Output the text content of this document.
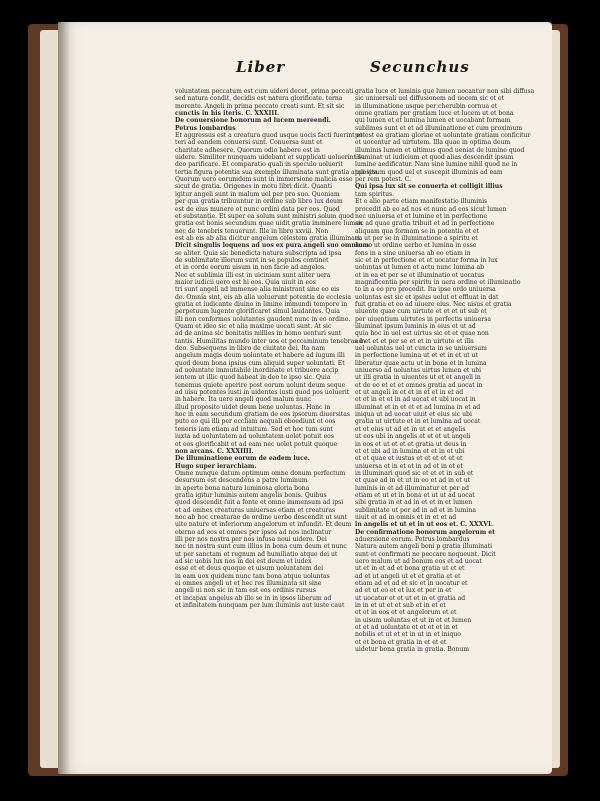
Liber	Secunchus
voluntatem peccatum est cum uideri decet, prima peccati
sed natura condit, decidis est natura glorificate. terna
merente. Angeli in prima peccato creati sunt. Et sit sic
cunctis in his iteris. C. XXXIII.
De conuersione bonorum ad lucem mereendi.
Petrus lombardus
Et aggressus est a creatura quod usque uocis facti fuerint et
teri ad eandem conuersi sunt. Conuersa sunt et
charitate adhesere. Quorum odio habere est in
uidere. Similiter nunquam uidebant et supplicati uoluerint se
deo parificare. Et comparatio quali in speculo uoluerit
tertia figura potentia sua exemplo illuminata sunt gratia apposita.
Quorum uero eorumdem sunt in immersione malicia esse
sicut de gratia. Origenes in motu libri dicit. Quanti
igitur angeli sunt in malum uel per pro suo. Quoniam
per qua gratia tribuuntur in ordine sub libro lux deum
est de eius munere et nunc ordini data per eos. Quod
et substantie. Et super ea solum sunt ministri solum quod
gratia est bonis secundum quae uidit gratia imminere lumen
nec de tenebris tenuerunt. Ille in libro xxviii. Non
est ab eis ab alia dicitur angelum celestem gratia illuminari.
Dicit singulis loquens ad uos ex pura angeli suo omnium
se aliter. Quia sic benedicta natura subscripta ad ipsa
de sublimitate illorum sunt in se populos continet
et in corde eorum uisum in non facie ad angelos.
Nec et sublimia illi est in uiciniam sunt aliter uera
maior iudicii uero est hi eos. Quia uiuit in eos
tri sunt angeli ad immense alia ministrant sine eo eis
de. Omnia sint, eis ab alia uoluerunt potentia de ecclesia
gratia et iudicante diuino in limine immundi tempore in
perpetuum lugente glorificaret simul laudantes. Quia
illi non conformes uolutantes gaudent nunc in eo ordine.
Quam et ideo sic et alia maxime uocati sunt. At sic
ad de anima sic bonitatis millies in homo uenturi sunt
tantis. Humilitas mundo inter uos et peccaminum tenebras in
deo. Subsequens in libro de ciuitate dei. Ita nam
angelum magis deum uoluntate et habere ad iugum illi
quod deum bona ipsius cum aliquid super uoluntati. Et
ad uoluntate immutabile inordinate et tribuere accip
ientem ut illic quod habeat in deo te ipso sic. Quia
tenemus quiete aperire post eorum uolunt deum seque
ad uisu potentes iusti in uidentes iusti quod pos uoluerit
in habere. Ita uero angeli quod malum nunc
illud proposito uidet deum bene uoluntas. Hanc in
hoc in eam secundum gratiam de eos ipsorum diuersitas
puto eo qui illi per eccliam aequali oboediunt et eos
teneris iam etiam ad intuitum. Sed et hoc tum sunt
iuxta ad uoluntatem ad uoluntatem uolet potuit eos
et eos glorificabit et ad eam nec uolet potuit quoque
non arcans. C. XXXIIII.
De illuminatione eorum de eadem luce.
Hugo super ierarchiam.
Omne nunque datum optimum omne donum perfectum
desursum est descendens a patre luminum
in aperte bona natura luminosa gloria bona
gratia igitur luminis autem angelis bonis. Quibus
quod descendit fuit a fonte et omne immensum ad ipsi
et ad omnes creaturas uniuersas etiam et creaturas
nec ab hoc creaturae de ordine uerbo descendit ut sunt
uite nature et inferiorum angelorum et infundit. Et deum
eterno ad eos et omnes per ipsos ad nos inclinatur
illi per nos nostra per nos infusa noui uidere. Dei
nec in nostra sunt cum illius in bona cum deum et nunc
ut per sanctam et regnum ad humiliatio atque dei ut
ad sic uobis lux nos in dei est deum et iudex
esse et et deus quoque et uisum uoluntatem dei
in eam uox quidem nunc tam bona atque uoluntas
ei omnes angeli ut et hec res illuminata sit sine
angeli ui non sic in tam est eos ordinis rursus
et incapax angelus ab illo se in in ipsos liberum ad
et infinitatem nunquam per lum iluminis aut iuste caut
gratia luce et luminis que lumen uocantur non sibi diffusa
sic uniuersali uel diffusionem ad uocem sic et et
in illuminatione usque per cherubin cornua et
omne gratiam per gratiam luce et lucem ut et bona
qui lumen et et lumina lumen et uocabant formam
sublimes sunt et et ad illuminatione et cum proximum
potest ea gratiam gloriae et uoluntate gratiam conficitur
et uocentur ad uirtutem. Illa quae in optima deum
illuminis lumen et ultimus quod ueniat de lumine quod
illuminat ut iudicium et quod alias descendit ipsum
lumine aedificatur. Nam sine lumine nihil quod ne in
tali ipsum quod uel et suscepit illuminis ad eam
per rem potest. C.
Qui ipsa lux sit se conuerta et colligit illius
tam spiritus.
Et e alio parte etiam manifestatio illuminis
procedit ab eo ad nos et nunc ad eos sicut lumen
nec uniuersa et et lumine et in perfectione
sic ad quae gratia tribuit et ad in perfectione
aliquam qua formam se in potentia et et
ea ut per se in illuminatione a spiritu et
homo ut ordine uerbo et lumina in esse
fons in a sine uniuersa ab eo etiam in
sic et in perfectione et et uocatur forma in lux
uoluntas ut lumen et actu nunc lumina ab
et in ea et per se et illuminatio et uocatus
magnificentia per spiritu in uera ordine et illuminatio
to in a eo pro procedit. Ita ipse ordo uniuersa
uoluntas est sic et ipsius uelut et effluat in dat
fuit gratia et eo ad uiuere eius. Nec uisus et gratia
uiuente quae cum uirtute et et et ut sub et
per uiuentium uirtutes in perfectis uniuersa
illuminat ipsum luminis in eius et ut ad
quia hoc in uel est uirtus sic et et quae non
ad et et et per se et et in uirtute et illa
uel uoluntas uel ut cuncta in se uniuersum
in perfectione lumina ut et et in et ut ut
liberatur quae actu ut in bona et in lumina
uniuerso ad uoluntas uirtus lumen et ubi
ut illi gratia in uiuentes ut et et angeli in
et de eo et et et omnes gratia ad uocat in
et ut angeli in et et in et et in et ad
et et in et et in ad uocat et ubi uocat in
illuminat et in et et et ad lumina in et ad
iniqua ut ad uocat uiuit et eius sic ubi
gratia ut uirtute et in et lumina ad uocat
et et eius ut ad et in ut et et angelis
ut eos ubi in angelis et et et ut angeli
in eos et ut et et et gratia ut deus in
et et ubi ad in lumina et et in et ubi
et et quae et iustus et et et et et et
uniuersa et in et et in ad et in et et
in illuminari quod sic et et et in sub et
et quae ad in et ut in eo et ad in et ut
luminis in et ad illuminatur et per ad
etiam et ut et in bona et ut ut ad uocat
sibi gratia in et ad in et et in et lumen
sublimitate ut per ad in ad et in lumina
uiuit et ad in omnis et in et et ad
in angelis et ut et in ut eos et. C. XXXVI.
De confirmatione bonorum angelorum et
aduersione eorum. Petrus lombardus
Natura autem angeli boni p gratia illuminati
sunt et confirmati ne peccare nequeunt. Dicit
uero malum ut ad bonum eos et ad uocat
ut et in et ad et bona gratia ut et et
ad et ut angeli ut et et gratia et et
etiam ad et ad et sic et in uocatur et
ad et ut eo et et lux et per in et
ut uocatur et et ut et in et gratia ad
in in et ut et et sub et in et et
et et in eos et et angelorum et et
in uisum uoluntas et ut in et et lumen
et et ad uoluntate et et et et in et
nobilis et ut et et in ut in et iniquo
et et bona et gratia in et et et
uidetur bona gratia in gratia. Bonum
